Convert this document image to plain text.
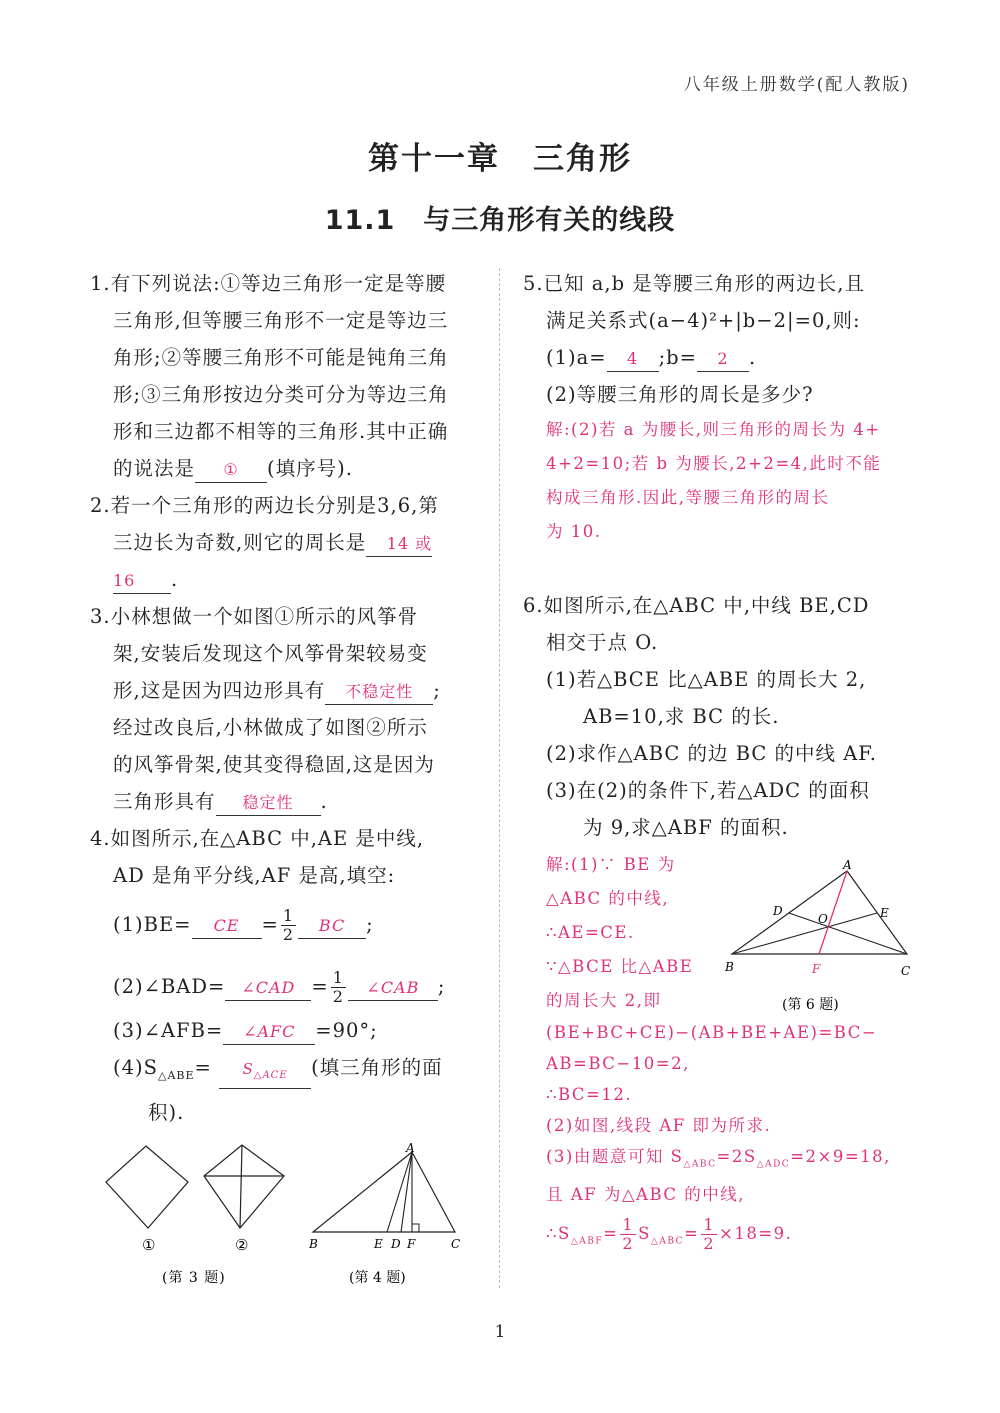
八年级上册数学(配人教版)
第十一章　三角形
11.1　与三角形有关的线段

1.有下列说法:①等边三角形一定是等腰

三角形,但等腰三角形不一定是等边三

角形;②等腰三角形不可能是钝角三角

形;③三角形按边分类可分为等边三角

形和三边都不相等的三角形.其中正确

的说法是 ① (填序号).

2.若一个三角形的两边长分别是3,6,第

三边长为奇数,则它的周长是 14 或

16 .

3.小林想做一个如图①所示的风筝骨

架,安装后发现这个风筝骨架较易变

形,这是因为四边形具有 不稳定性 ;

经过改良后,小林做成了如图②所示

的风筝骨架,使其变得稳固,这是因为

三角形具有 稳定性 .

4.如图所示,在△ABC 中,AE 是中线,

AD 是角平分线,AF 是高,填空:

(1)BE= CE = $\frac{1}{2}$ BC ;

(2)∠BAD= ∠CAD = $\frac{1}{2}$ ∠CAB ;

(3)∠AFB= ∠AFC =90°;

$(4)S_{\triangle ABE}= S_{\triangle ACE}$ (填三角形的面

积).

①	②
(第 3 题)
A
B	E D F	C
(第 4 题)

5.已知 a,b 是等腰三角形的两边长,且

满足关系式(a−4)²+|b−2|=0,则:

(1)a= 4 ;b= 2 .

(2)等腰三角形的周长是多少?

解:(2)若 a 为腰长,则三角形的周长为 4+

4+2=10;若 b 为腰长,2+2=4,此时不能

构成三角形.因此,等腰三角形的周长

为 10.

6.如图所示,在△ABC 中,中线 BE,CD

相交于点 O.

(1)若△BCE 比△ABE 的周长大 2,

AB=10,求 BC 的长.

(2)求作△ABC 的边 BC 的中线 AF.

(3)在(2)的条件下,若△ADC 的面积

为 9,求△ABF 的面积.

解:(1)∵ BE 为

△ABC 的中线,

∴AE=CE.

∵△BCE 比△ABE

的周长大 2,即

A
B	C
D	E
O
F
(第 6 题)

(BE+BC+CE)−(AB+BE+AE)=BC−

AB=BC−10=2,

∴BC=12.

(2)如图,线段 AF 即为所求.

(3)由题意可知 $S_{\triangle ABC}=2S_{\triangle ADC}=2\times 9=18$,

且 AF 为△ABC 的中线,

$\therefore S_{\triangle ABF}= \frac{1}{2} S_{\triangle ABC}= \frac{1}{2} \times 18=9$.

1
